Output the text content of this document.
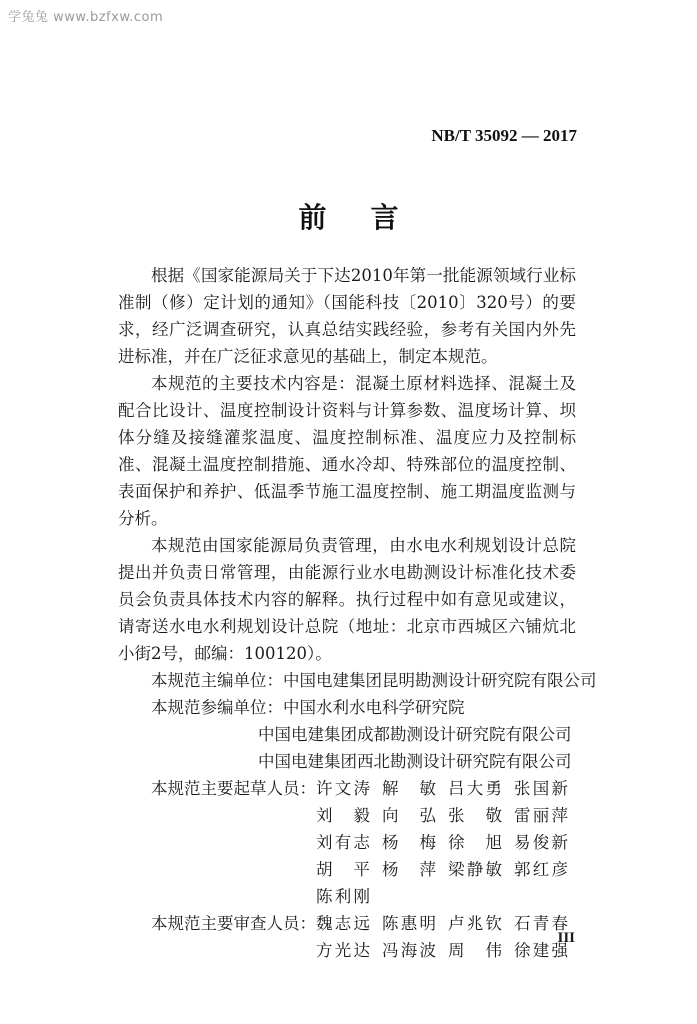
学兔兔 www.bzfxw.com
NB/T 35092 — 2017
前言

根据《国家能源局关于下达2010年第一批能源领域行业标准制（修）定计划的通知》（国能科技〔2010〕320号）的要求，经广泛调查研究，认真总结实践经验，参考有关国内外先进标准，并在广泛征求意见的基础上，制定本规范。

本规范的主要技术内容是：混凝土原材料选择、混凝土及配合比设计、温度控制设计资料与计算参数、温度场计算、坝体分缝及接缝灌浆温度、温度控制标准、温度应力及控制标准、混凝土温度控制措施、通水冷却、特殊部位的温度控制、表面保护和养护、低温季节施工温度控制、施工期温度监测与分析。

本规范由国家能源局负责管理，由水电水利规划设计总院提出并负责日常管理，由能源行业水电勘测设计标准化技术委员会负责具体技术内容的解释。执行过程中如有意见或建议，请寄送水电水利规划设计总院（地址：北京市西城区六铺炕北小街2号，邮编：100120）。

本规范主编单位： 中国电建集团昆明勘测设计研究院有限公司
本规范参编单位： 中国水利水电科学研究院
中国电建集团成都勘测设计研究院有限公司
中国电建集团西北勘测设计研究院有限公司
本规范主要起草人员： 许文涛 解敏 吕大勇 张国新
刘毅 向弘 张敬 雷丽萍
刘有志 杨梅 徐旭 易俊新
胡平 杨萍 梁静敏 郭红彦
陈利刚
本规范主要审查人员： 魏志远 陈惠明 卢兆钦 石青春
方光达 冯海波 周伟 徐建强
III
